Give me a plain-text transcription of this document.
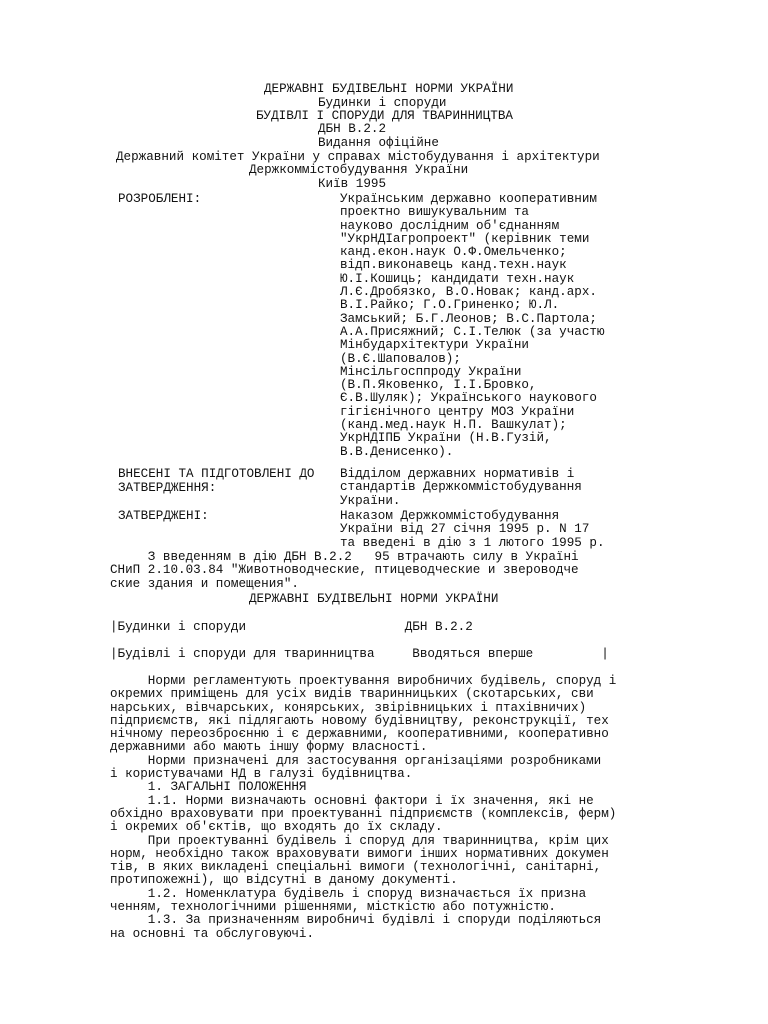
ДЕРЖАВНІ БУДІВЕЛЬНІ НОРМИ УКРАЇНИ
Будинки і споруди
БУДІВЛІ І СПОРУДИ ДЛЯ ТВАРИННИЦТВА
ДБН В.2.2
Видання офіційне
Державний комітет України у справах містобудування і архітектури
Держкоммістобудування України
Київ 1995
РОЗРОБЛЕНІ:	Українським державно кооперативним
проектно вишукувальним та
науково дослідним об'єднанням
"УкрНДІагропроект" (керівник теми
канд.екон.наук О.Ф.Омельченко;
відп.виконавець канд.техн.наук
Ю.І.Кошиць; кандидати техн.наук
Л.Є.Дробязко, В.О.Новак; канд.арх.
В.І.Райко; Г.О.Гриненко; Ю.Л.
Замський; Б.Г.Леонов; В.С.Партола;
А.А.Присяжний; С.І.Телюк (за участю
Мінбудархітектури України
(В.Є.Шаповалов);
Мінсільгосппроду України
(В.П.Яковенко, І.І.Бровко,
Є.В.Шуляк); Українського наукового
гігієнічного центру МОЗ України
(канд.мед.наук Н.П. Вашкулат);
УкрНДІПБ України (Н.В.Гузій,
В.В.Денисенко).
ВНЕСЕНІ ТА ПІДГОТОВЛЕНІ ДО
ЗАТВЕРДЖЕННЯ:
Відділом державних нормативів і
стандартів Держкоммістобудування
України.
ЗАТВЕРДЖЕНІ:	Наказом Держкоммістобудування
України від 27 січня 1995 р. N 17
та введені в дію з 1 лютого 1995 р.
З введенням в дію ДБН В.2.2   95 втрачають силу в Україні
СНиП 2.10.03.84 "Животноводческие, птицеводческие и звероводче
ские здания и помещения".
ДЕРЖАВНІ БУДІВЕЛЬНІ НОРМИ УКРАЇНИ
|Будинки і споруди                     ДБН В.2.2
|Будівлі і споруди для тваринництва     Вводяться вперше         |
Норми регламентують проектування виробничих будівель, споруд і
окремих приміщень для усіх видів тваринницьких (скотарських, сви
нарських, вівчарських, конярських, звірівницьких і птахівничих)
підприємств, які підлягають новому будівництву, реконструкції, тех
нічному переозброєнню і є державними, кооперативними, кооперативно
державними або мають іншу форму власності.
Норми призначені для застосування організаціями розробниками
і користувачами НД в галузі будівництва.
1. ЗАГАЛЬНІ ПОЛОЖЕННЯ
1.1. Норми визначають основні фактори і їх значення, які не
обхідно враховувати при проектуванні підприємств (комплексів, ферм)
і окремих об'єктів, що входять до їх складу.
При проектуванні будівель і споруд для тваринництва, крім цих
норм, необхідно також враховувати вимоги інших нормативних докумен
тів, в яких викладені спеціальні вимоги (технологічні, санітарні,
протипожежні), що відсутні в даному документі.
1.2. Номенклатура будівель і споруд визначається їх призна
ченням, технологічними рішеннями, місткістю або потужністю.
1.3. За призначенням виробничі будівлі і споруди поділяються
на основні та обслуговуючі.
